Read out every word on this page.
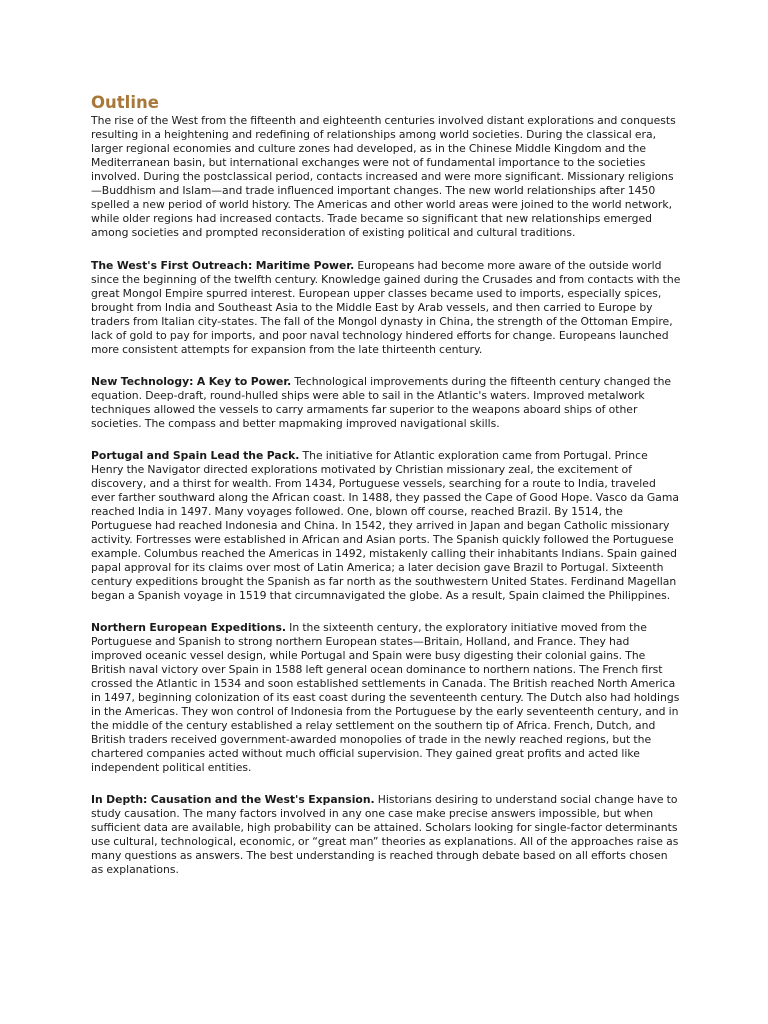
Outline

The rise of the West from the fifteenth and eighteenth centuries involved distant explorations and conquests resulting in a heightening and redefining of relationships among world societies. During the classical era, larger regional economies and culture zones had developed, as in the Chinese Middle Kingdom and the Mediterranean basin, but international exchanges were not of fundamental importance to the societies involved. During the postclassical period, contacts increased and were more significant. Missionary religions—Buddhism and Islam—and trade influenced important changes. The new world relationships after 1450 spelled a new period of world history. The Americas and other world areas were joined to the world network, while older regions had increased contacts. Trade became so significant that new relationships emerged among societies and prompted reconsideration of existing political and cultural traditions.

The West's First Outreach: Maritime Power. Europeans had become more aware of the outside world since the beginning of the twelfth century. Knowledge gained during the Crusades and from contacts with the great Mongol Empire spurred interest. European upper classes became used to imports, especially spices, brought from India and Southeast Asia to the Middle East by Arab vessels, and then carried to Europe by traders from Italian city-states. The fall of the Mongol dynasty in China, the strength of the Ottoman Empire, lack of gold to pay for imports, and poor naval technology hindered efforts for change. Europeans launched more consistent attempts for expansion from the late thirteenth century.

New Technology: A Key to Power. Technological improvements during the fifteenth century changed the equation. Deep-draft, round-hulled ships were able to sail in the Atlantic's waters. Improved metalwork techniques allowed the vessels to carry armaments far superior to the weapons aboard ships of other societies. The compass and better mapmaking improved navigational skills.

Portugal and Spain Lead the Pack. The initiative for Atlantic exploration came from Portugal. Prince Henry the Navigator directed explorations motivated by Christian missionary zeal, the excitement of discovery, and a thirst for wealth. From 1434, Portuguese vessels, searching for a route to India, traveled ever farther southward along the African coast. In 1488, they passed the Cape of Good Hope. Vasco da Gama reached India in 1497. Many voyages followed. One, blown off course, reached Brazil. By 1514, the Portuguese had reached Indonesia and China. In 1542, they arrived in Japan and began Catholic missionary activity. Fortresses were established in African and Asian ports. The Spanish quickly followed the Portuguese example. Columbus reached the Americas in 1492, mistakenly calling their inhabitants Indians. Spain gained papal approval for its claims over most of Latin America; a later decision gave Brazil to Portugal. Sixteenth century expeditions brought the Spanish as far north as the southwestern United States. Ferdinand Magellan began a Spanish voyage in 1519 that circumnavigated the globe. As a result, Spain claimed the Philippines.

Northern European Expeditions. In the sixteenth century, the exploratory initiative moved from the Portuguese and Spanish to strong northern European states—Britain, Holland, and France. They had improved oceanic vessel design, while Portugal and Spain were busy digesting their colonial gains. The British naval victory over Spain in 1588 left general ocean dominance to northern nations. The French first crossed the Atlantic in 1534 and soon established settlements in Canada. The British reached North America in 1497, beginning colonization of its east coast during the seventeenth century. The Dutch also had holdings in the Americas. They won control of Indonesia from the Portuguese by the early seventeenth century, and in the middle of the century established a relay settlement on the southern tip of Africa. French, Dutch, and British traders received government-awarded monopolies of trade in the newly reached regions, but the chartered companies acted without much official supervision. They gained great profits and acted like independent political entities.

In Depth: Causation and the West's Expansion. Historians desiring to understand social change have to study causation. The many factors involved in any one case make precise answers impossible, but when sufficient data are available, high probability can be attained. Scholars looking for single-factor determinants use cultural, technological, economic, or “great man” theories as explanations. All of the approaches raise as many questions as answers. The best understanding is reached through debate based on all efforts chosen as explanations.
